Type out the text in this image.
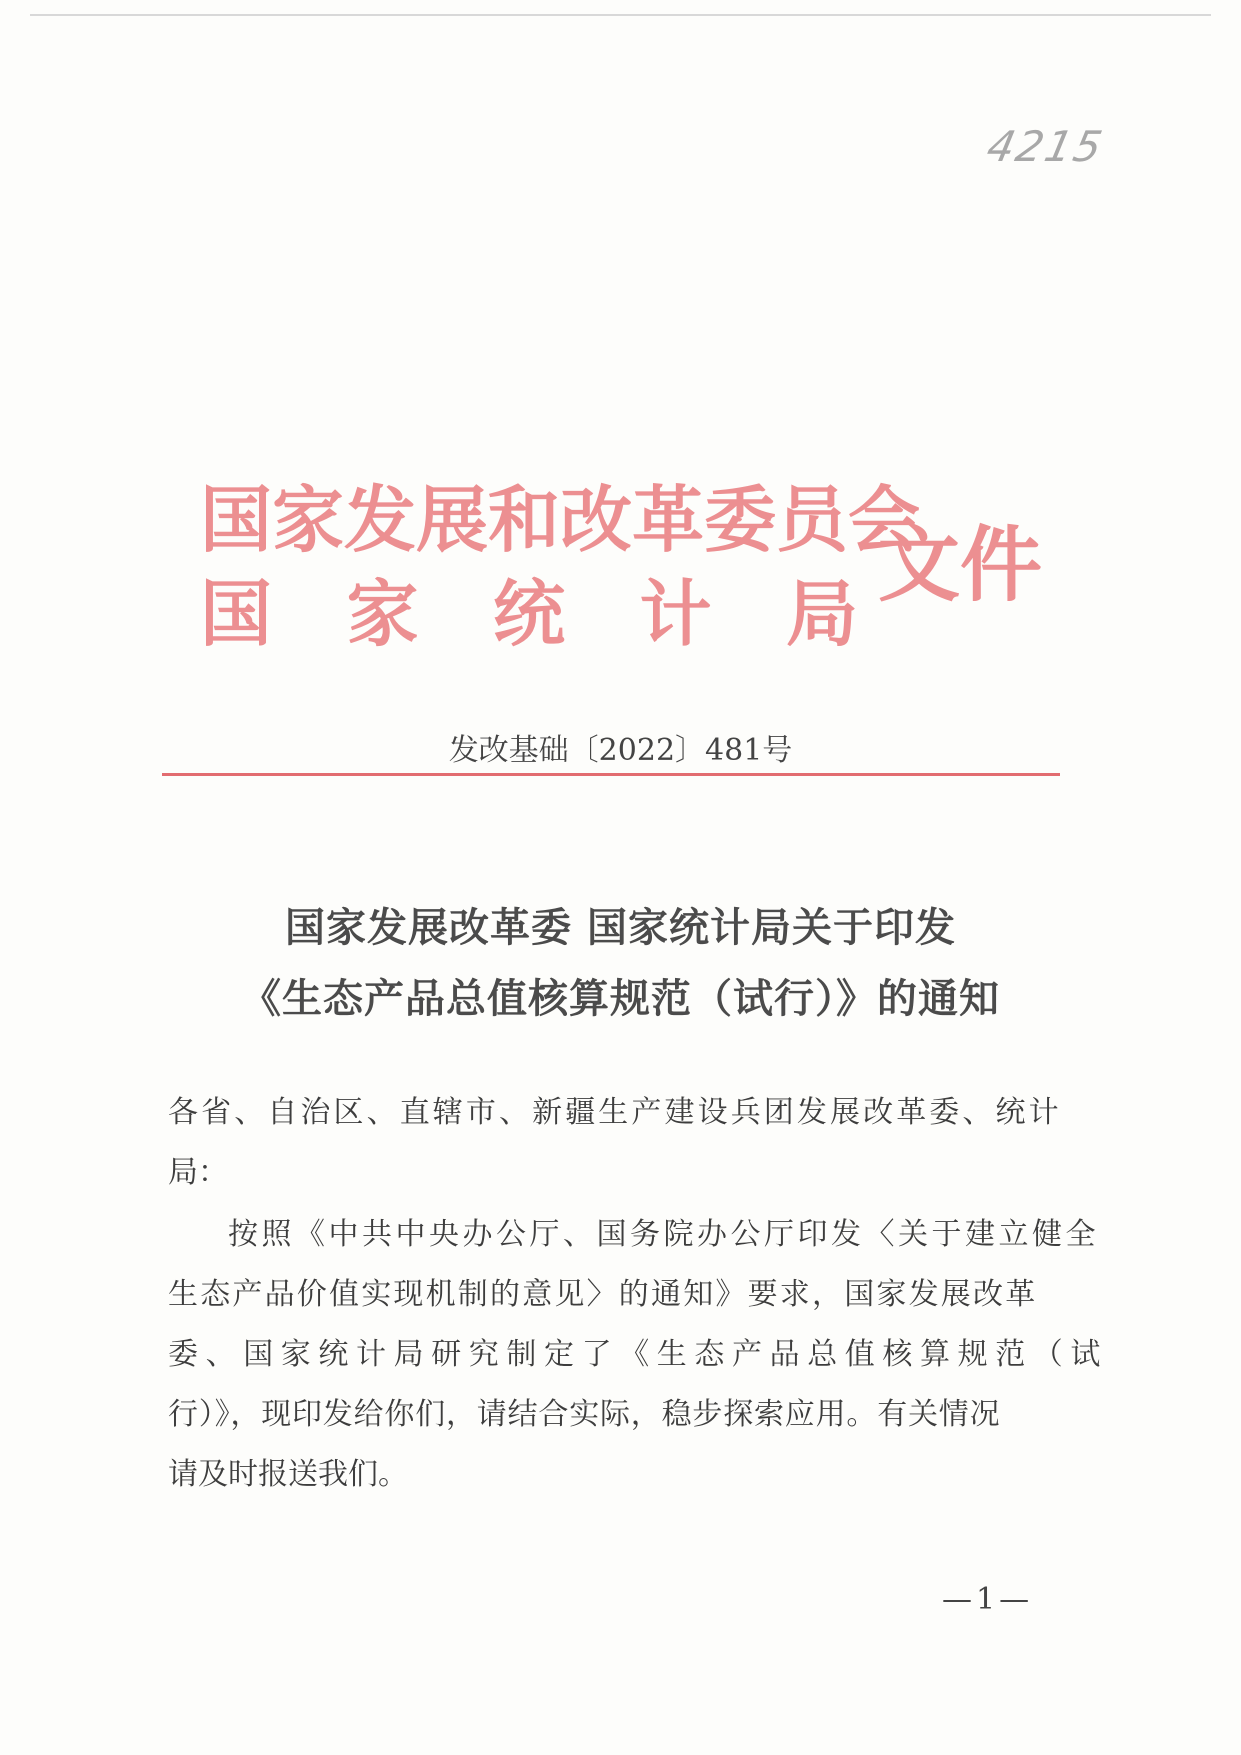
4215
国家发展和改革委员会
国 家 统 计 局
文件
发改基础〔2022〕481号
国家发展改革委 国家统计局关于印发
《生态产品总值核算规范（试行）》的通知
各省、自治区、直辖市、新疆生产建设兵团发展改革委、统计
局：
按照《中共中央办公厅、国务院办公厅印发〈关于建立健全
生态产品价值实现机制的意见〉的通知》要求，国家发展改革
委、国家统计局研究制定了《生态产品总值核算规范（试
行）》，现印发给你们，请结合实际，稳步探索应用。有关情况
请及时报送我们。
—1—
